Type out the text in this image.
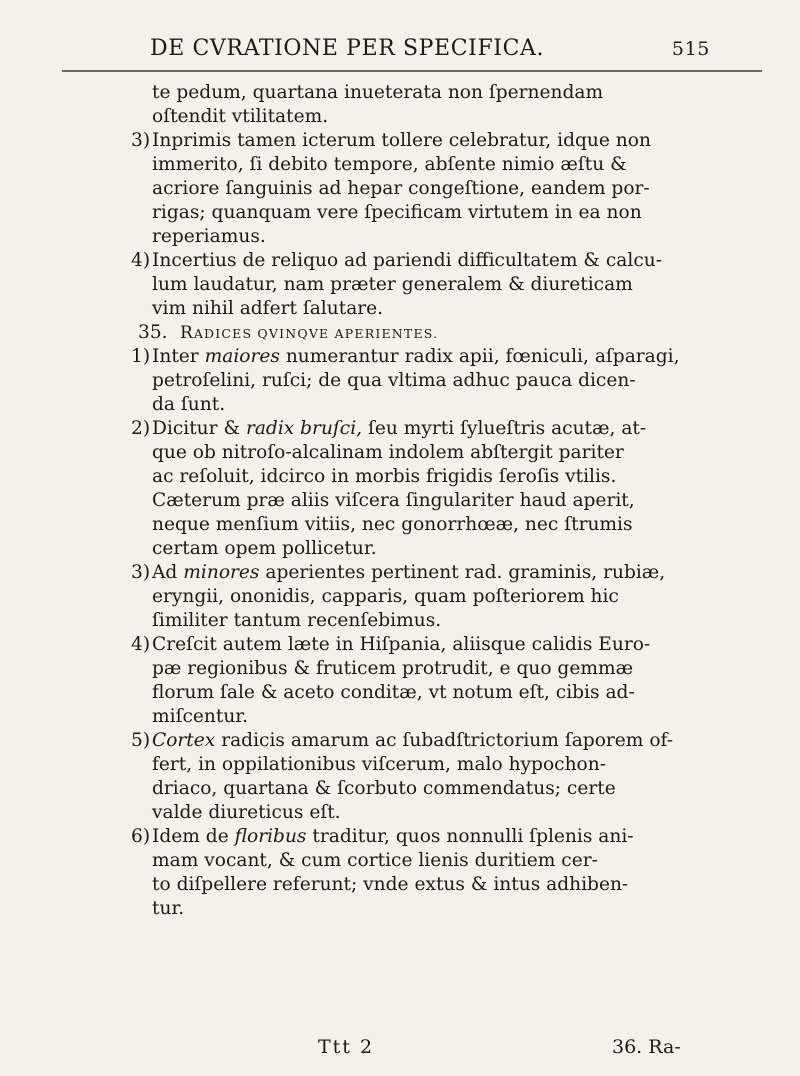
DE CVRATIONE PER SPECIFICA.	515
te pedum, quartana inueterata non ſpernendam
oſtendit vtilitatem.
3) Inprimis tamen icterum tollere celebratur, idque non
immerito, ſi debito tempore, abſente nimio æſtu &
acriore ſanguinis ad hepar congeſtione, eandem por-
rigas; quanquam vere ſpecificam virtutem in ea non
reperiamus.
4) Incertius de reliquo ad pariendi difficultatem & calcu-
lum laudatur, nam præter generalem & diureticam
vim nihil adfert ſalutare.
35. RADICES QVINQVE APERIENTES.
1) Inter maiores numerantur radix apii, fœniculi, aſparagi,
petroſelini, ruſci; de qua vltima adhuc pauca dicen-
da ſunt.
2) Dicitur & radix bruſci, ſeu myrti ſylueſtris acutæ, at-
que ob nitroſo-alcalinam indolem abſtergit pariter
ac reſoluit, idcirco in morbis frigidis ſeroſis vtilis.
Cæterum præ aliis viſcera ſingulariter haud aperit,
neque menſium vitiis, nec gonorrhœæ, nec ſtrumis
certam opem pollicetur.
3) Ad minores aperientes pertinent rad. graminis, rubiæ,
eryngii, ononidis, capparis, quam poſteriorem hic
ſimiliter tantum recenſebimus.
4) Creſcit autem læte in Hiſpania, aliisque calidis Euro-
pæ regionibus & fruticem protrudit, e quo gemmæ
florum ſale & aceto conditæ, vt notum eſt, cibis ad-
miſcentur.
5) Cortex radicis amarum ac ſubadſtrictorium ſaporem of-
fert, in oppilationibus viſcerum, malo hypochon-
driaco, quartana & ſcorbuto commendatus; certe
valde diureticus eſt.
6) Idem de floribus traditur, quos nonnulli ſplenis ani-
mam vocant, & cum cortice lienis duritiem cer-
to diſpellere referunt; vnde extus & intus adhiben-
tur.
Ttt 2	36. Ra-
